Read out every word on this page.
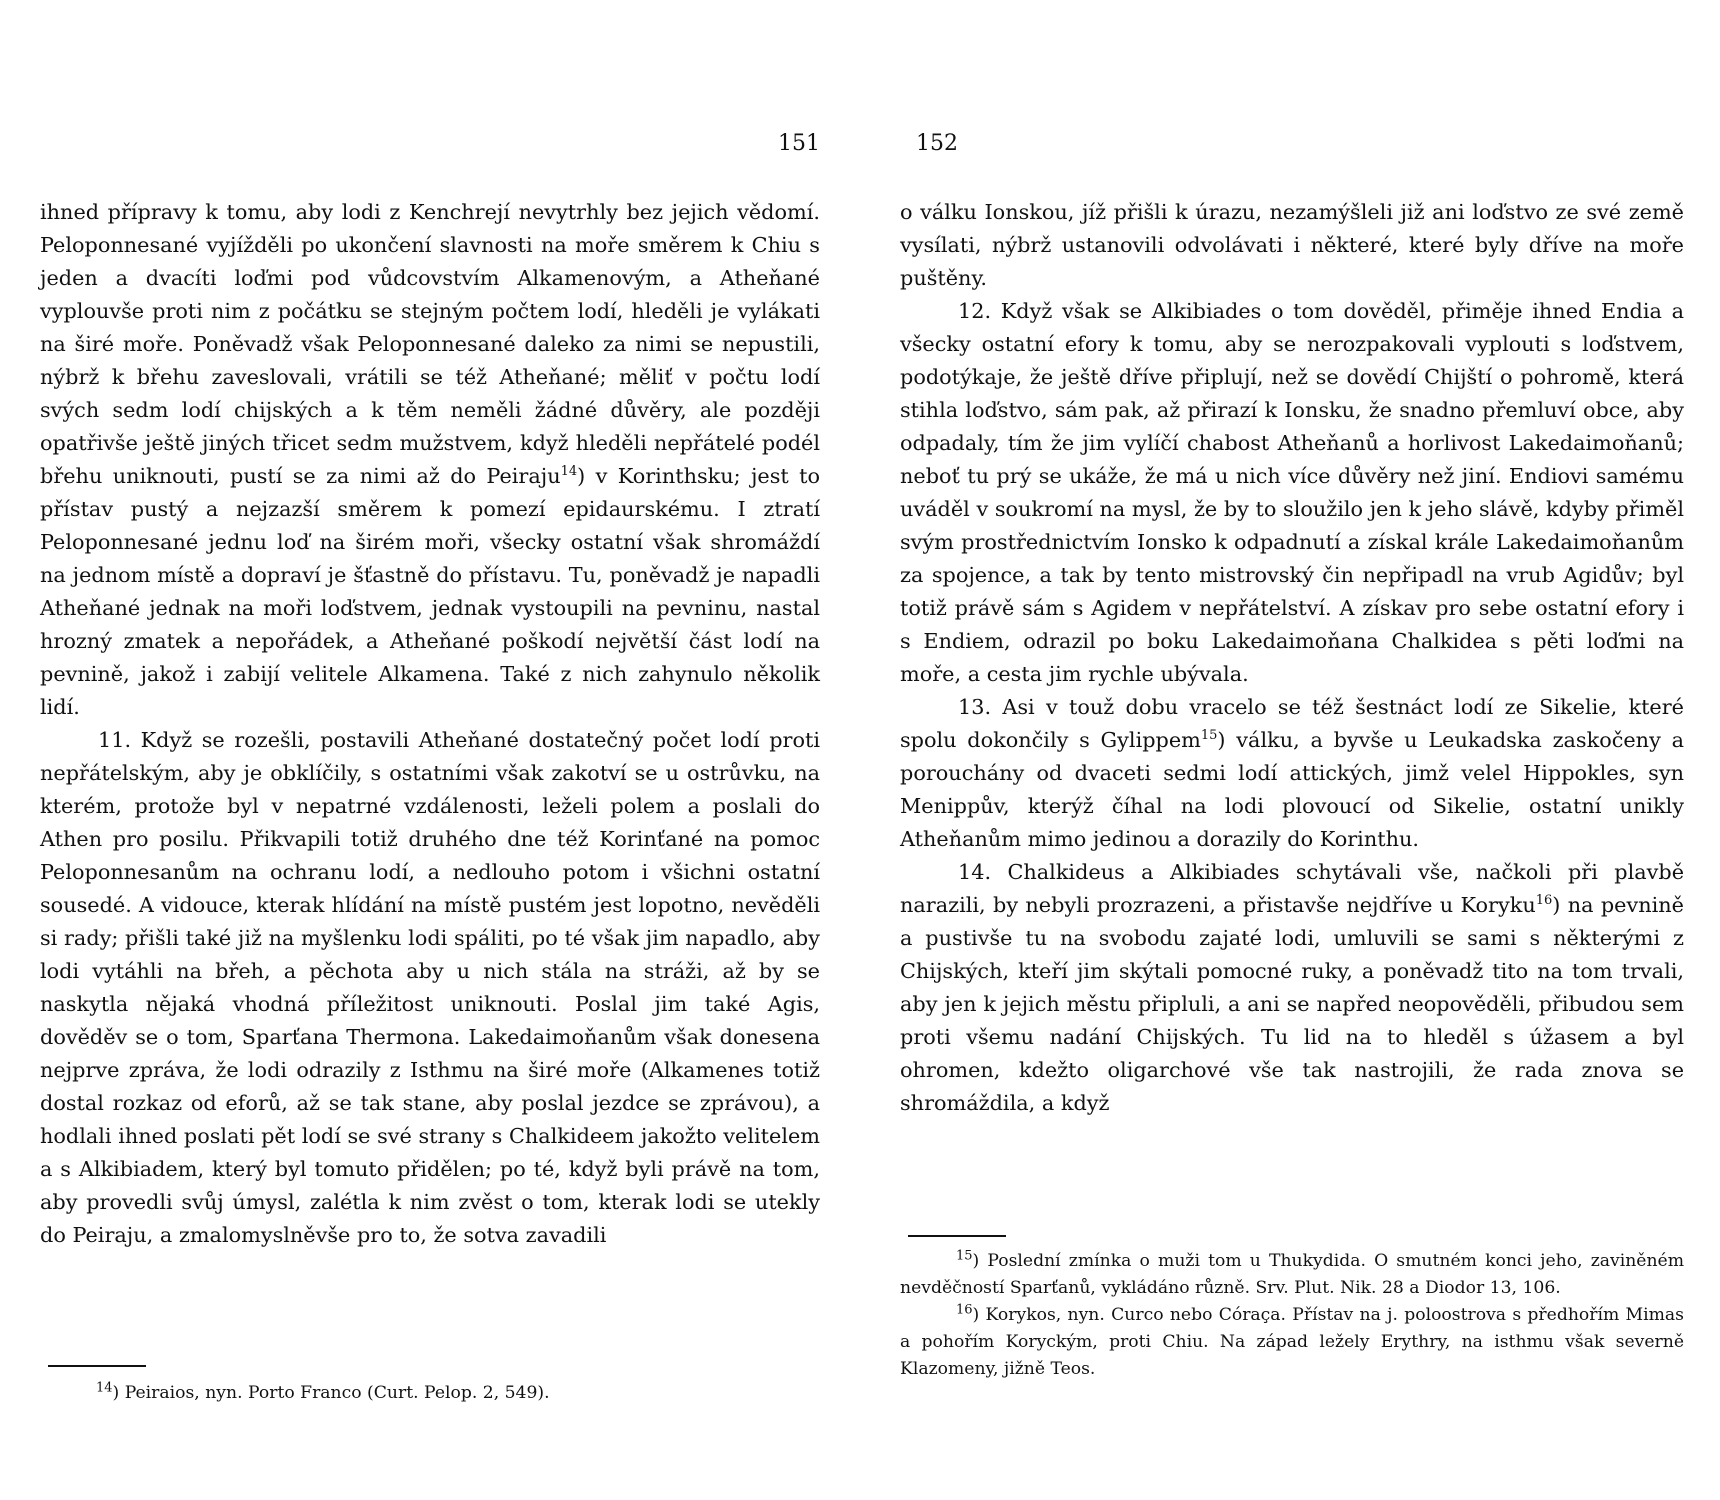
151

ihned přípravy k tomu, aby lodi z Kenchrejí nevytrhly bez jejich vědomí. Peloponnesané vyjížděli po ukončení slavnosti na moře směrem k Chiu s jeden a dvacíti loďmi pod vůdcovstvím Alkamenovým, a Atheňané vyplouvše proti nim z počátku se stejným počtem lodí, hleděli je vylákati na širé moře. Poněvadž však Peloponnesané daleko za nimi se nepustili, nýbrž k břehu zaveslovali, vrátili se též Atheňané; měliť v počtu lodí svých sedm lodí chijských a k těm neměli žádné důvěry, ale později opatřivše ještě jiných třicet sedm mužstvem, když hleděli nepřátelé podél břehu uniknouti, pustí se za nimi až do Peiraju$^{14}$) v Korinthsku; jest to přístav pustý a nejzazší směrem k pomezí epidaurskému. I ztratí Peloponnesané jednu loď na širém moři, všecky ostatní však shromáždí na jednom místě a dopraví je šťastně do přístavu. Tu, poněvadž je napadli Atheňané jednak na moři loďstvem, jednak vystoupili na pevninu, nastal hrozný zmatek a nepořádek, a Atheňané poškodí největší část lodí na pevnině, jakož i zabijí velitele Alkamena. Také z nich zahynulo několik lidí.

11. Když se rozešli, postavili Atheňané dostatečný počet lodí proti nepřátelským, aby je obklíčily, s ostatními však zakotví se u ostrůvku, na kterém, protože byl v nepatrné vzdálenosti, leželi polem a poslali do Athen pro posilu. Přikvapili totiž druhého dne též Korinťané na pomoc Peloponnesanům na ochranu lodí, a nedlouho potom i všichni ostatní sousedé. A vidouce, kterak hlídání na místě pustém jest lopotno, nevěděli si rady; přišli také již na myšlenku lodi spáliti, po té však jim napadlo, aby lodi vytáhli na břeh, a pěchota aby u nich stála na stráži, až by se naskytla nějaká vhodná příležitost uniknouti. Poslal jim také Agis, dověděv se o tom, Sparťana Thermona. Lakedaimoňanům však donesena nejprve zpráva, že lodi odrazily z Isthmu na širé moře (Alkamenes totiž dostal rozkaz od eforů, až se tak stane, aby poslal jezdce se zprávou), a hodlali ihned poslati pět lodí se své strany s Chalkideem jakožto velitelem a s Alkibiadem, který byl tomuto přidělen; po té, když byli právě na tom, aby provedli svůj úmysl, zalétla k nim zvěst o tom, kterak lodi se utekly do Peiraju, a zmalomyslněvše pro to, že sotva zavadili

$^{14}$) Peiraios, nyn. Porto Franco (Curt. Pelop. 2, 549).

152

o válku Ionskou, jíž přišli k úrazu, nezamýšleli již ani loďstvo ze své země vysílati, nýbrž ustanovili odvolávati i některé, které byly dříve na moře puštěny.

12. Když však se Alkibiades o tom dověděl, přiměje ihned Endia a všecky ostatní efory k tomu, aby se nerozpakovali vyplouti s loďstvem, podotýkaje, že ještě dříve připlují, než se dovědí Chijští o pohromě, která stihla loďstvo, sám pak, až přirazí k Ionsku, že snadno přemluví obce, aby odpadaly, tím že jim vylíčí chabost Atheňanů a horlivost Lakedaimoňanů; neboť tu prý se ukáže, že má u nich více důvěry než jiní. Endiovi samému uváděl v soukromí na mysl, že by to sloužilo jen k jeho slávě, kdyby přiměl svým prostřednictvím Ionsko k odpadnutí a získal krále Lakedaimoňanům za spojence, a tak by tento mistrovský čin nepřipadl na vrub Agidův; byl totiž právě sám s Agidem v nepřátelství. A získav pro sebe ostatní efory i s Endiem, odrazil po boku Lakedaimoňana Chalkidea s pěti loďmi na moře, a cesta jim rychle ubývala.

13. Asi v touž dobu vracelo se též šestnáct lodí ze Sikelie, které spolu dokončily s Gylippem$^{15}$) válku, a byvše u Leukadska zaskočeny a porouchány od dvaceti sedmi lodí attických, jimž velel Hippokles, syn Menippův, kterýž číhal na lodi plovoucí od Sikelie, ostatní unikly Atheňanům mimo jedinou a dorazily do Korinthu.

14. Chalkideus a Alkibiades schytávali vše, načkoli při plavbě narazili, by nebyli prozrazeni, a přistavše nejdříve u Koryku$^{16}$) na pevnině a pustivše tu na svobodu zajaté lodi, umluvili se sami s některými z Chijských, kteří jim skýtali pomocné ruky, a poněvadž tito na tom trvali, aby jen k jejich městu připluli, a ani se napřed neopověděli, přibudou sem proti všemu nadání Chijských. Tu lid na to hleděl s úžasem a byl ohromen, kdežto oligarchové vše tak nastrojili, že rada znova se shromáždila, a když

$^{15}$) Poslední zmínka o muži tom u Thukydida. O smutném konci jeho, zaviněném nevděčností Sparťanů, vykládáno různě. Srv. Plut. Nik. 28 a Diodor 13, 106.

$^{16}$) Korykos, nyn. Curco nebo Córaça. Přístav na j. poloostrova s předhořím Mimas a pohořím Koryckým, proti Chiu. Na západ ležely Erythry, na isthmu však severně Klazomeny, jižně Teos.
